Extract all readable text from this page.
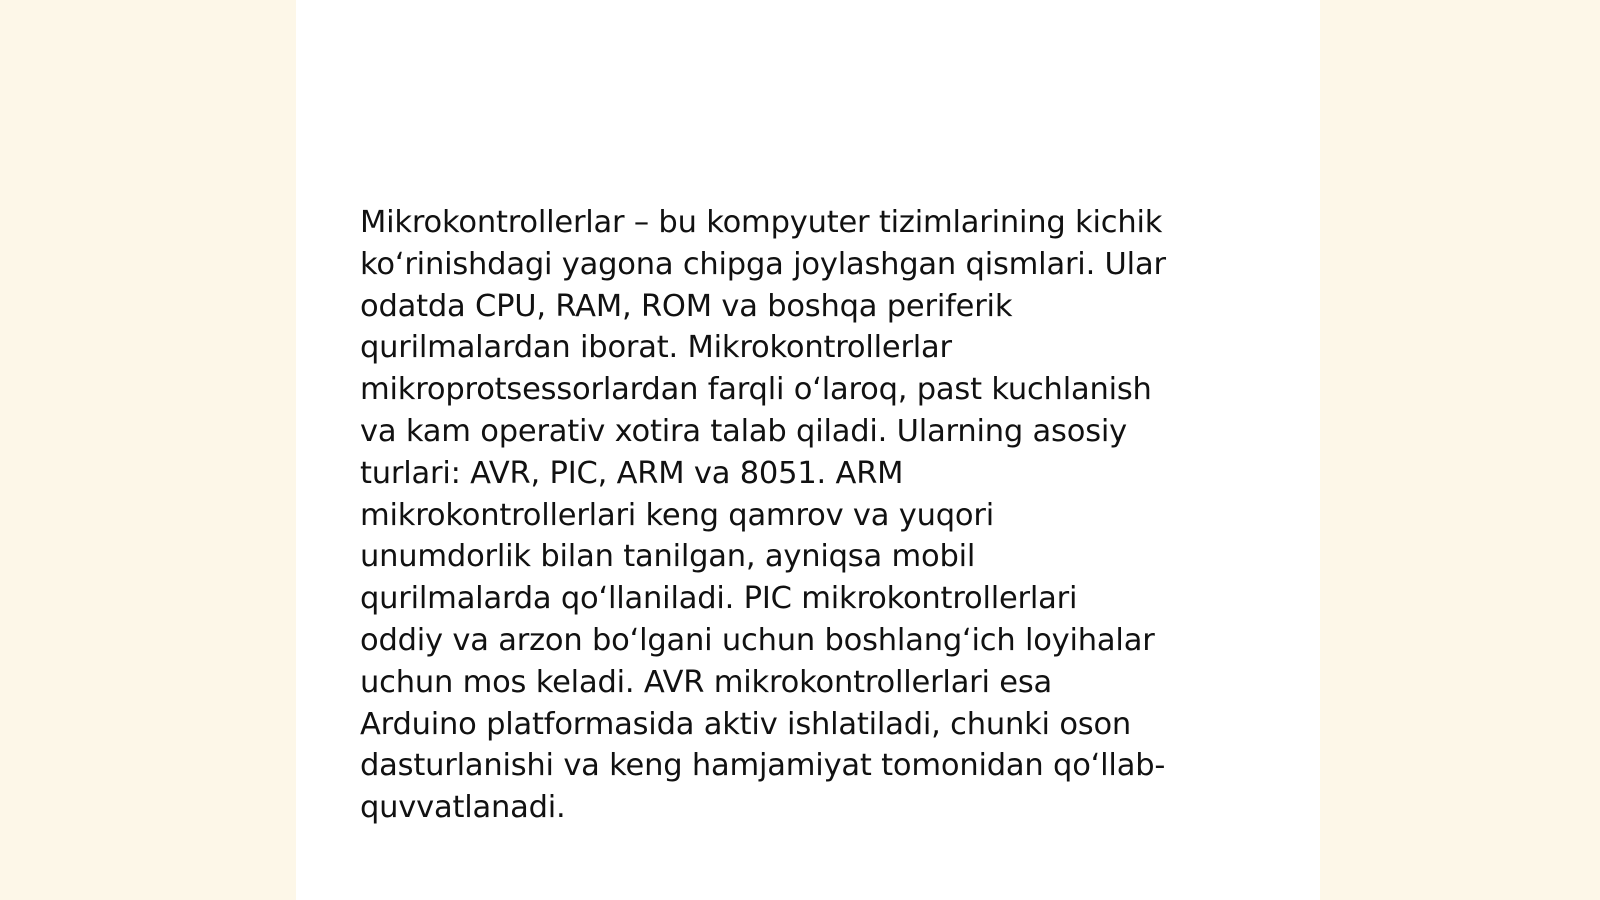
Mikrokontrollerlar – bu kompyuter tizimlarining kichik
koʻrinishdagi yagona chipga joylashgan qismlari. Ular
odatda CPU, RAM, ROM va boshqa periferik
qurilmalardan iborat. Mikrokontrollerlar
mikroprotsessorlardan farqli oʻlaroq, past kuchlanish
va kam operativ xotira talab qiladi. Ularning asosiy
turlari: AVR, PIC, ARM va 8051. ARM
mikrokontrollerlari keng qamrov va yuqori
unumdorlik bilan tanilgan, ayniqsa mobil
qurilmalarda qoʻllaniladi. PIC mikrokontrollerlari
oddiy va arzon boʻlgani uchun boshlangʻich loyihalar
uchun mos keladi. AVR mikrokontrollerlari esa
Arduino platformasida aktiv ishlatiladi, chunki oson
dasturlanishi va keng hamjamiyat tomonidan qoʻllab-
quvvatlanadi.
